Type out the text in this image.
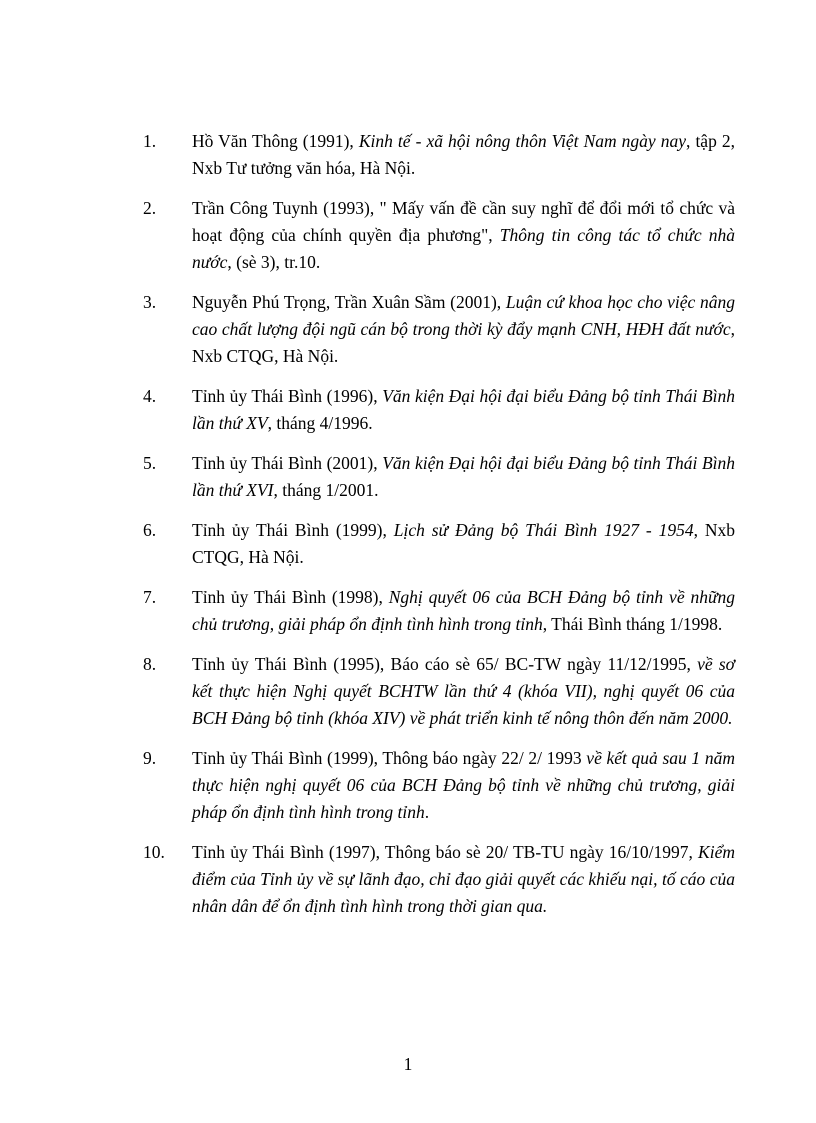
1.	Hồ Văn Thông (1991), Kinh tế - xã hội nông thôn Việt Nam ngày nay, tập 2, Nxb Tư tưởng văn hóa, Hà Nội.
2.	Trần Công Tuynh (1993), " Mấy vấn đề cần suy nghĩ để đổi mới tổ chức và hoạt động của chính quyền địa phương", Thông tin công tác tổ chức nhà nước, (sè 3), tr.10.
3.	Nguyễn Phú Trọng, Trần Xuân Sầm (2001), Luận cứ khoa học cho việc nâng cao chất lượng đội ngũ cán bộ trong thời kỳ đẩy mạnh CNH, HĐH đất nước, Nxb CTQG, Hà Nội.
4.	Tỉnh ủy Thái Bình (1996), Văn kiện Đại hội đại biểu Đảng bộ tỉnh Thái Bình lần thứ XV, tháng 4/1996.
5.	Tỉnh ủy Thái Bình (2001), Văn kiện Đại hội đại biểu Đảng bộ tỉnh Thái Bình lần thứ XVI, tháng 1/2001.
6.	Tỉnh ủy Thái Bình (1999), Lịch sử Đảng bộ Thái Bình 1927 - 1954, Nxb CTQG, Hà Nội.
7.	Tỉnh ủy Thái Bình (1998), Nghị quyết 06 của BCH Đảng bộ tỉnh về những chủ trương, giải pháp ổn định tình hình trong tỉnh, Thái Bình tháng 1/1998.
8.	Tỉnh ủy Thái Bình (1995), Báo cáo sè 65/ BC-TW ngày 11/12/1995, về sơ kết thực hiện Nghị quyết BCHTW lần thứ 4 (khóa VII), nghị quyết 06 của BCH Đảng bộ tỉnh (khóa XIV) về phát triển kinh tế nông thôn đến năm 2000.
9.	Tỉnh ủy Thái Bình (1999), Thông báo ngày 22/ 2/ 1993 về kết quả sau 1 năm thực hiện nghị quyết 06 của BCH Đảng bộ tỉnh về những chủ trương, giải pháp ổn định tình hình trong tỉnh.
10.	Tỉnh ủy Thái Bình (1997), Thông báo sè 20/ TB-TU ngày 16/10/1997, Kiểm điểm của Tỉnh ủy về sự lãnh đạo, chỉ đạo giải quyết các khiếu nại, tố cáo của nhân dân để ổn định tình hình trong thời gian qua.
1
